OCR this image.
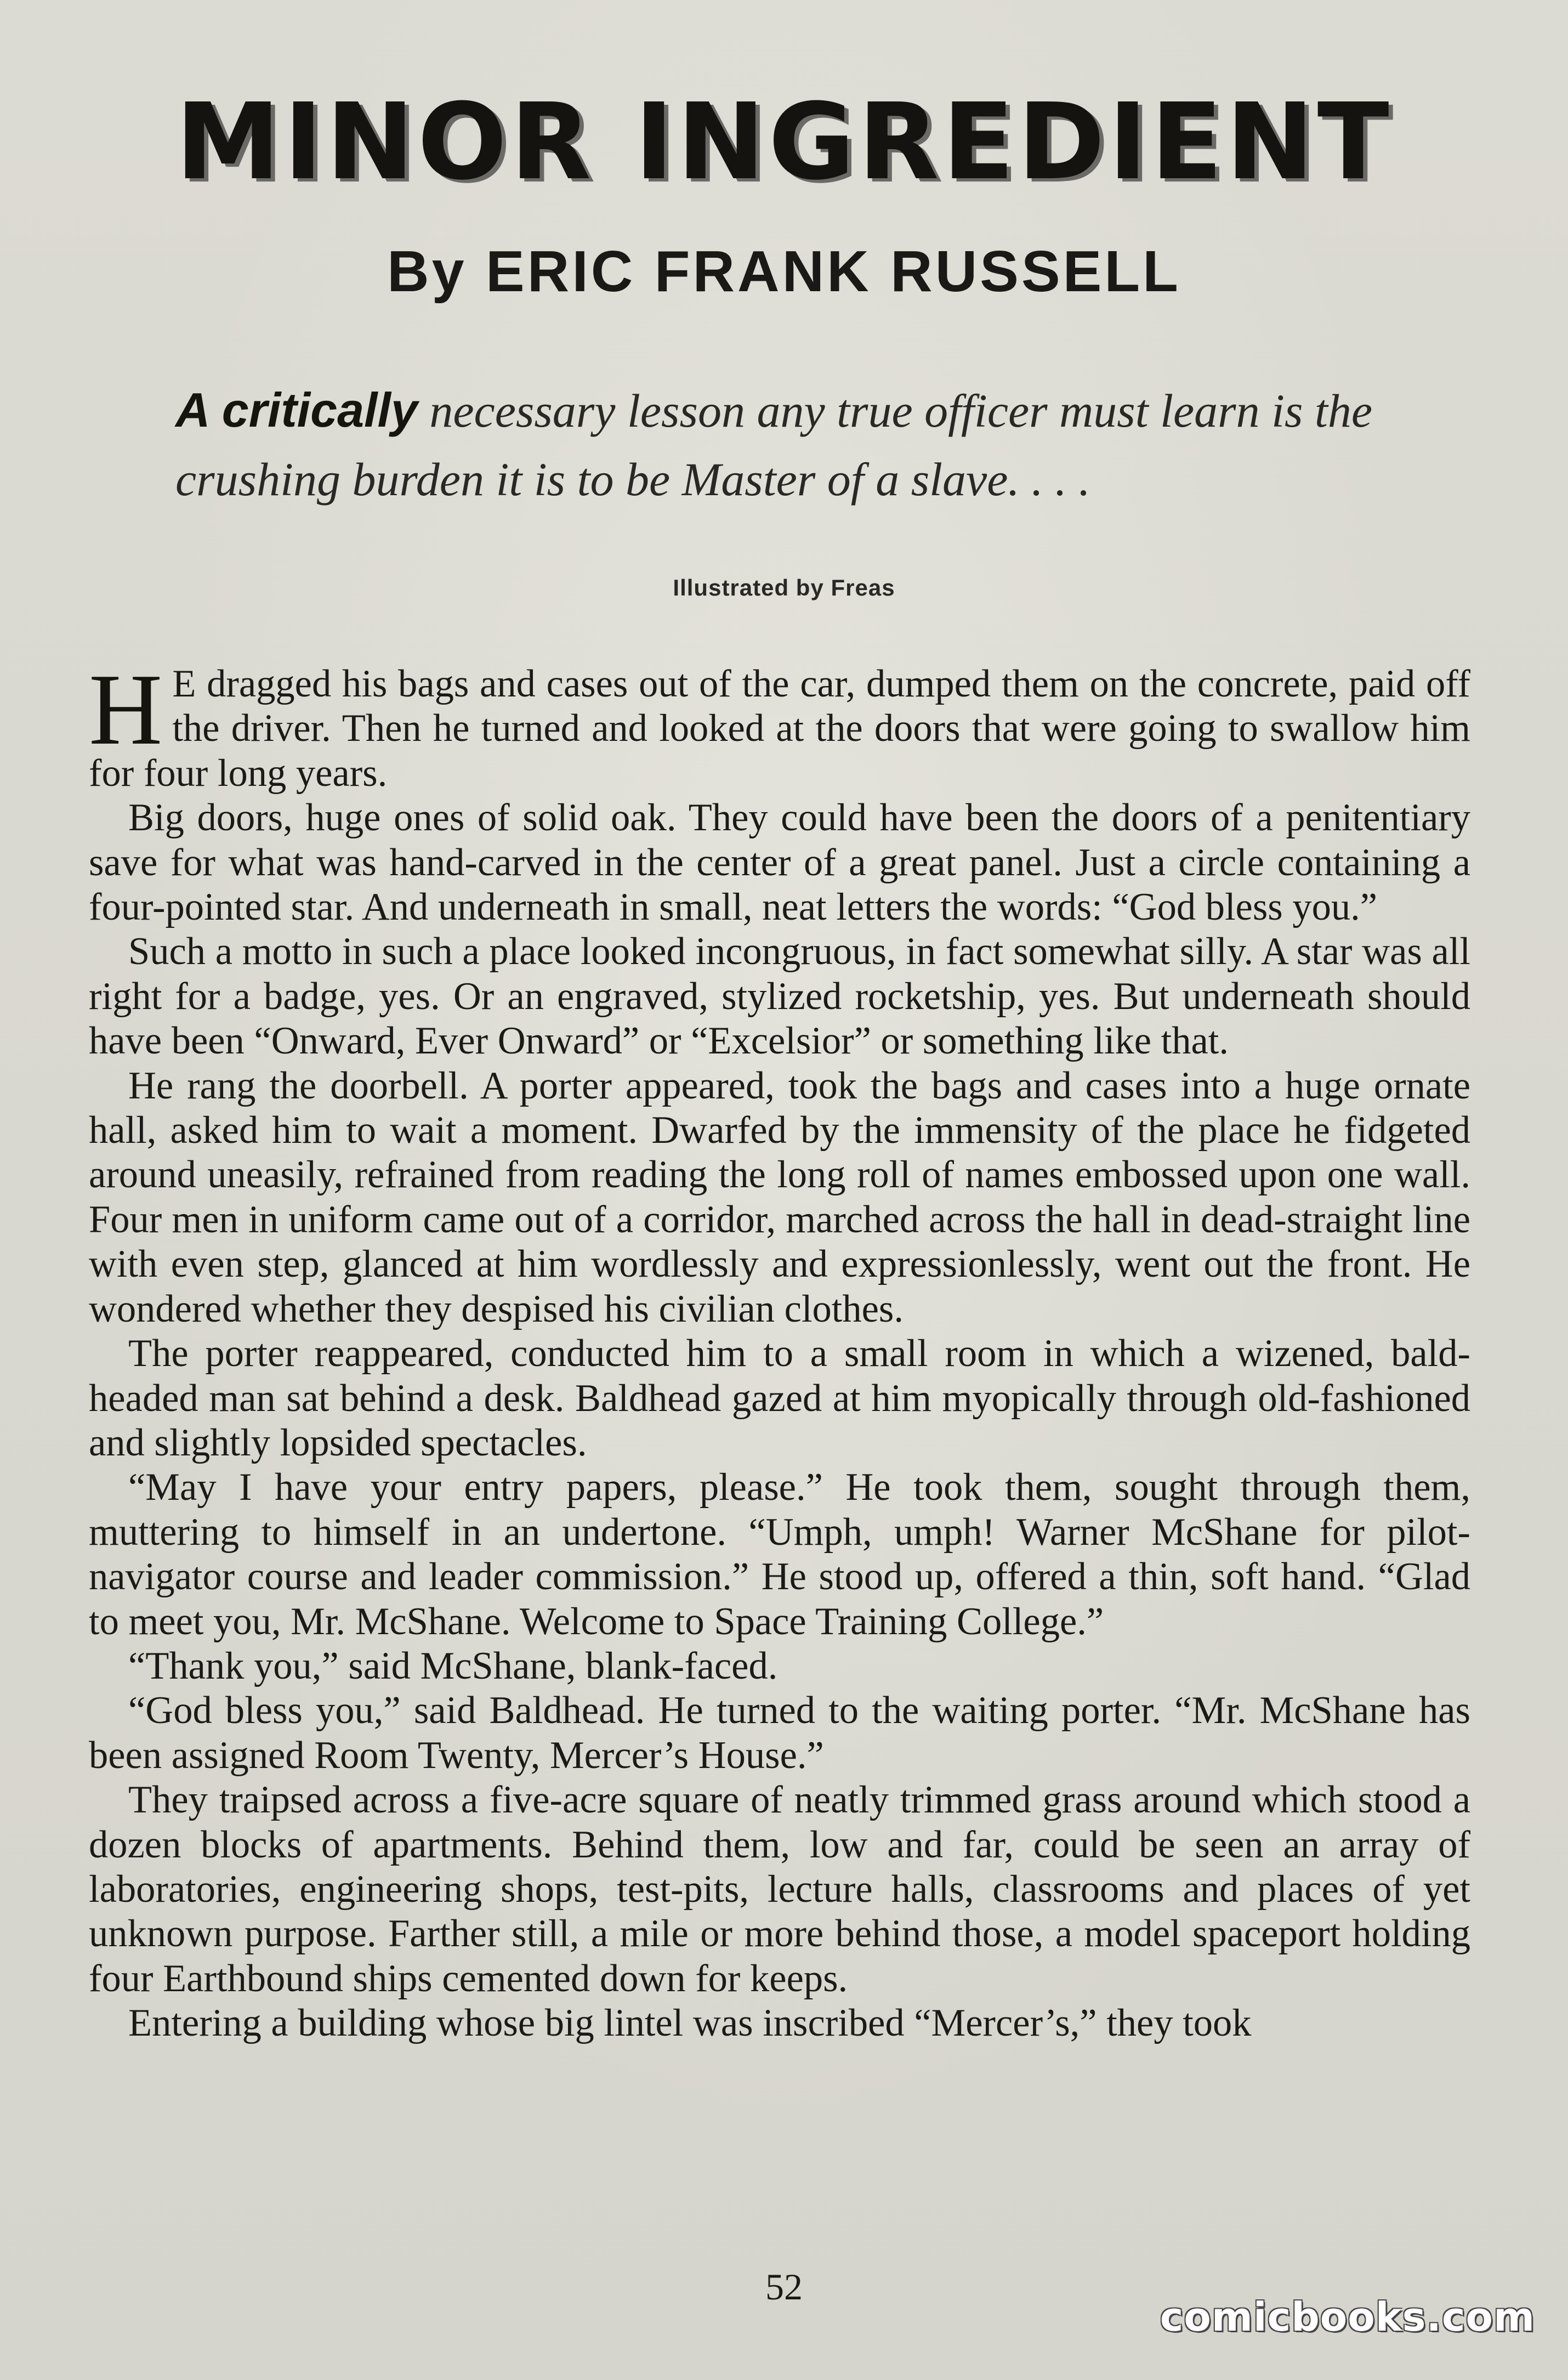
MINOR INGREDIENT
By ERIC FRANK RUSSELL
A critically necessary lesson any true officer must learn is the crushing burden it is to be Master of a slave. . . .
Illustrated by Freas

H E dragged his bags and cases out of the car, dumped them on the concrete, paid off the driver. Then he turned and looked at the doors that were going to swallow him for four long years.

Big doors, huge ones of solid oak. They could have been the doors of a penitentiary save for what was hand-carved in the center of a great panel. Just a circle containing a four-pointed star. And underneath in small, neat letters the words: “God bless you.”

Such a motto in such a place looked incongruous, in fact somewhat silly. A star was all right for a badge, yes. Or an engraved, stylized rocketship, yes. But underneath should have been “Onward, Ever Onward” or “Excelsior” or something like that.

He rang the doorbell. A porter appeared, took the bags and cases into a huge ornate hall, asked him to wait a moment. Dwarfed by the immensity of the place he fidgeted around uneasily, refrained from reading the long roll of names embossed upon one wall. Four men in uniform came out of a corridor, marched across the hall in dead-straight line with even step, glanced at him wordlessly and expressionlessly, went out the front. He wondered whether they despised his civilian clothes.

The porter reappeared, conducted him to a small room in which a wizened, bald-headed man sat behind a desk. Baldhead gazed at him myopically through old-fashioned and slightly lopsided spectacles.

“May I have your entry papers, please.” He took them, sought through them, muttering to himself in an undertone. “Umph, umph! Warner McShane for pilot-navigator course and leader commission.” He stood up, offered a thin, soft hand. “Glad to meet you, Mr. McShane. Welcome to Space Training College.”

“Thank you,” said McShane, blank-faced.

“God bless you,” said Baldhead. He turned to the waiting porter. “Mr. McShane has been assigned Room Twenty, Mercer’s House.”

They traipsed across a five-acre square of neatly trimmed grass around which stood a dozen blocks of apartments. Behind them, low and far, could be seen an array of laboratories, engineering shops, test-pits, lecture halls, classrooms and places of yet unknown purpose. Farther still, a mile or more behind those, a model spaceport holding four Earthbound ships cemented down for keeps.

Entering a building whose big lintel was inscribed “Mercer’s,” they took

52
comicbooks.com
